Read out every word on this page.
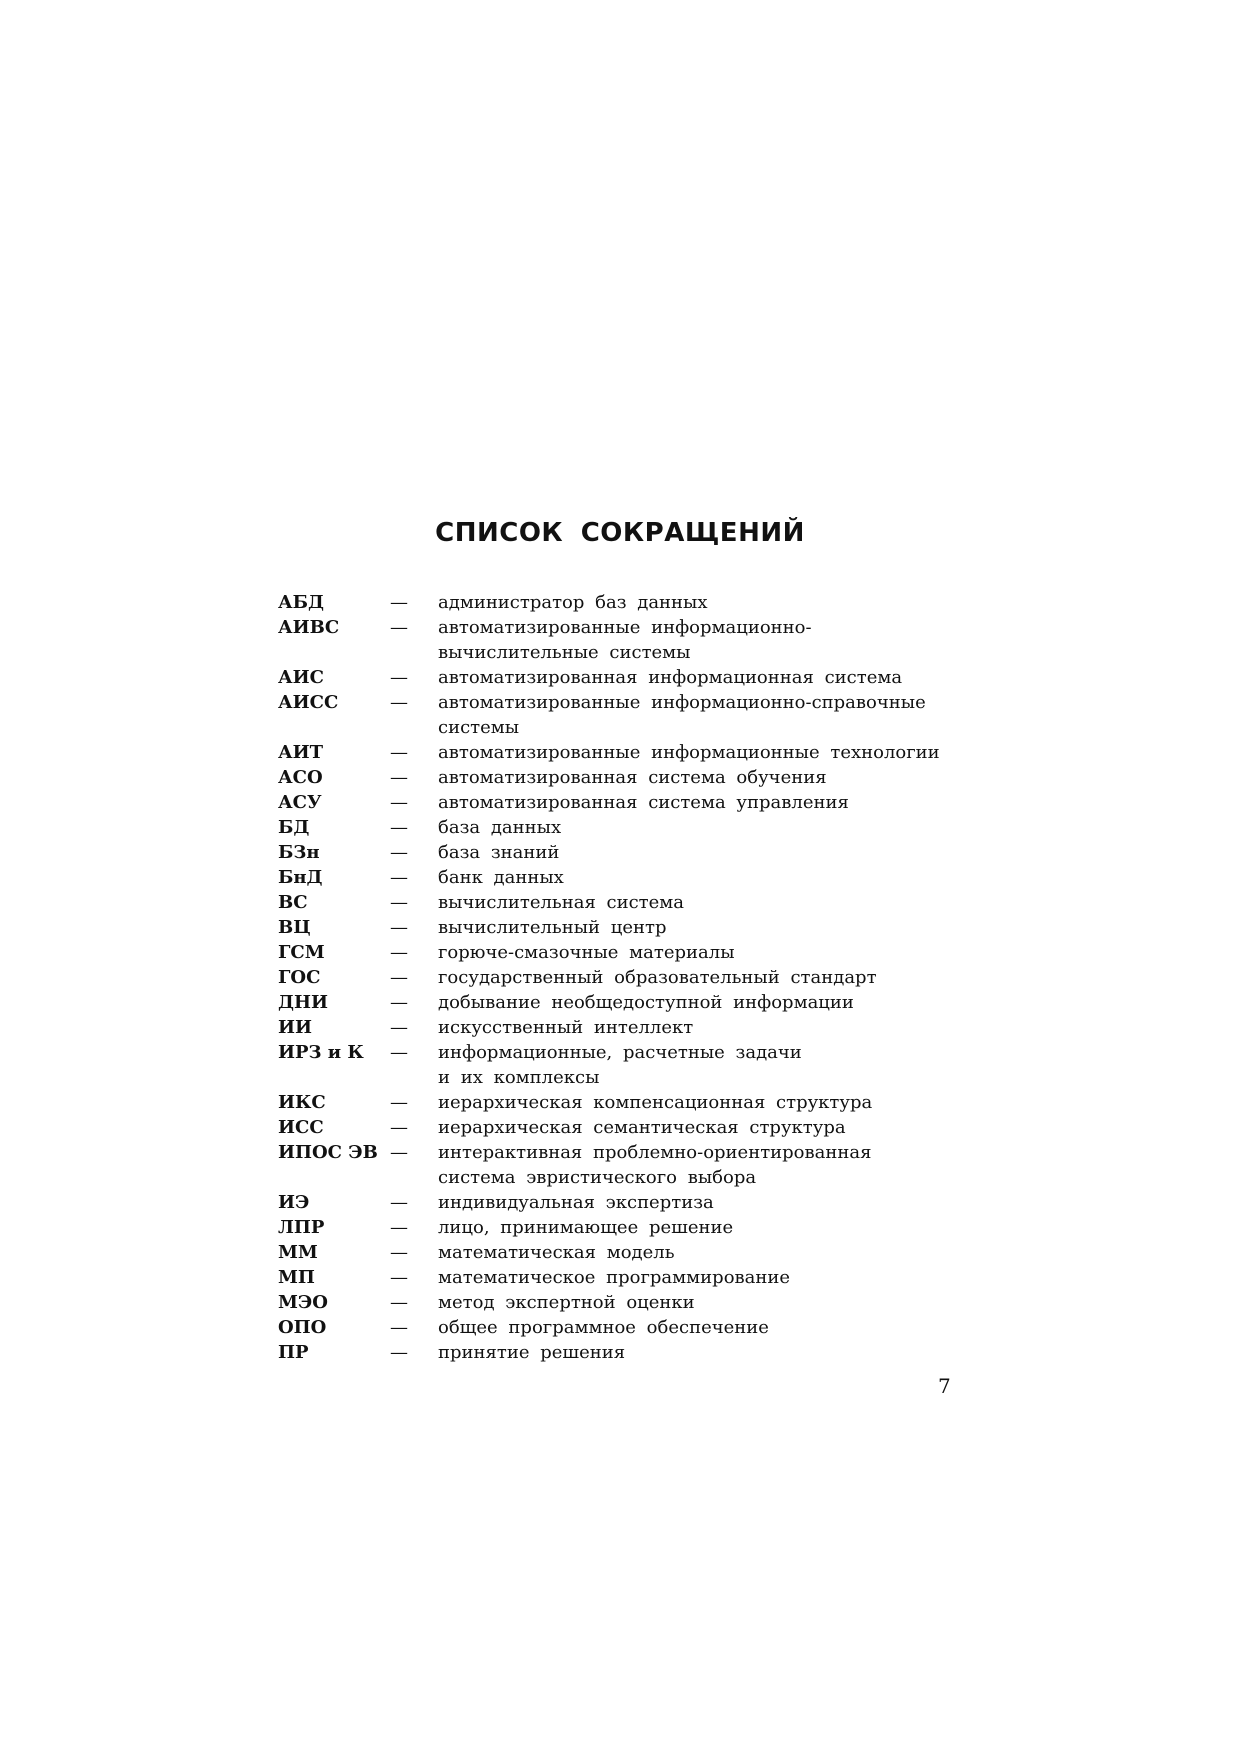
СПИСОК СОКРАЩЕНИЙ
АБД	—	администратор баз данных
АИВС	—	автоматизированные информационно-
вычислительные системы
АИС	—	автоматизированная информационная система
АИСС	—	автоматизированные информационно-справочные
системы
АИТ	—	автоматизированные информационные технологии
АСО	—	автоматизированная система обучения
АСУ	—	автоматизированная система управления
БД	—	база данных
БЗн	—	база знаний
БнД	—	банк данных
ВС	—	вычислительная система
ВЦ	—	вычислительный центр
ГСМ	—	горюче-смазочные материалы
ГОС	—	государственный образовательный стандарт
ДНИ	—	добывание необщедоступной информации
ИИ	—	искусственный интеллект
ИРЗ и К	—	информационные, расчетные задачи
и их комплексы
ИКС	—	иерархическая компенсационная структура
ИСС	—	иерархическая семантическая структура
ИПОС ЭВ —	интерактивная проблемно-ориентированная
система эвристического выбора
ИЭ	—	индивидуальная экспертиза
ЛПР	—	лицо, принимающее решение
ММ	—	математическая модель
МП	—	математическое программирование
МЭО	—	метод экспертной оценки
ОПО	—	общее программное обеспечение
ПР	—	принятие решения
7
